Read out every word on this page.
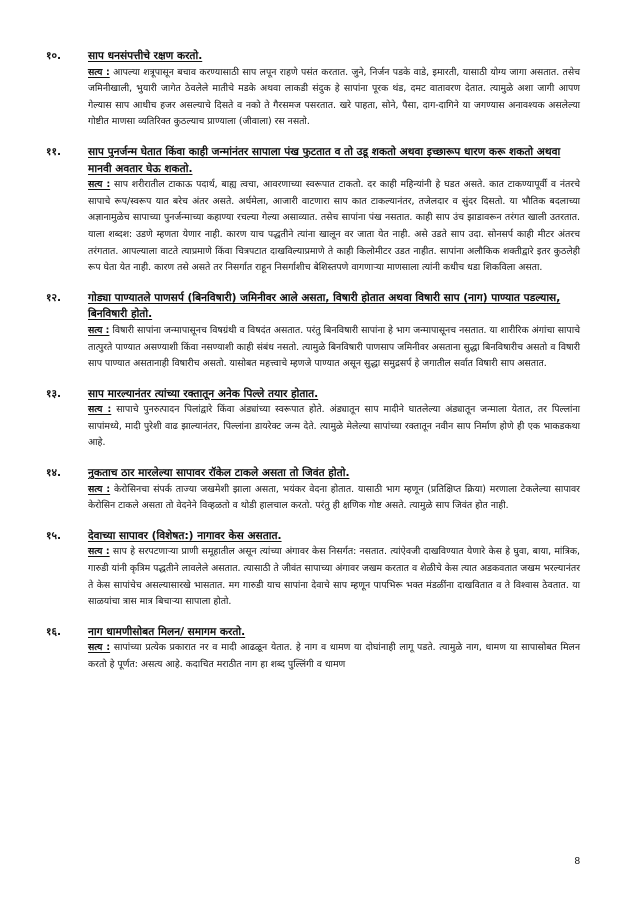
१०.	साप धनसंपत्तीचे रक्षण करतो.
सत्य : आपल्या शत्रूपासून बचाव करण्यासाठी साप लपून राहणे पसंत करतात. जुने, निर्जन पडके वाडे, इमारती, यासाठी योग्य जागा असतात. तसेच जमिनीखाली, भुयारी जागेत ठेवलेले मातीचे मडके अथवा लाकडी संदुक हे सापांना पूरक थंड, दमट वातावरण देतात. त्यामुळे अशा जागी आपण गेल्यास साप आधीच हजर असल्याचे दिसते व नको ते गैरसमज पसरतात. खरे पाहता, सोने, पैसा, दाग-दागिने या जगण्यास अनावश्यक असलेल्या गोष्टीत माणसा व्यतिरिक्त कुठल्याच प्राण्याला (जीवाला) रस नसतो.
११.	साप पुनर्जन्म घेतात किंवा काही जन्मांनंतर सापाला पंख फुटतात व तो उडू शकतो अथवा इच्छारूप धारण करू शकतो अथवा मानवी अवतार घेऊ शकतो.
सत्य : साप शरीरातील टाकाऊ पदार्थ, बाह्य त्वचा, आवरणाच्या स्वरूपात टाकतो. दर काही महिन्यांनी हे घडत असते. कात टाकण्यापूर्वी व नंतरचे सापाचे रूप/स्वरूप यात बरेच अंतर असते. अर्धमेला, आजारी वाटणारा साप कात टाकल्यानंतर, तजेलदार व सुंदर दिसतो. या भौतिक बदलाच्या अज्ञानामुळेच सापाच्या पुनर्जन्माच्या कहाण्या रचल्या गेल्या असाव्यात. तसेच सापांना पंख नसतात. काही साप उंच झाडावरून तरंगत खाली उतरतात. याला शब्दश: उडणे म्हणता येणार नाही. कारण याच पद्धतीने त्यांना खालून वर जाता येत नाही. असे उडते साप उदा. सोनसर्प काही मीटर अंतरच तरंगतात. आपल्याला वाटते त्याप्रमाणे किंवा चित्रपटात दाखविल्याप्रमाणे ते काही किलोमीटर उडत नाहीत. सापांना अलौकिक शक्तीद्वारे इतर कुठलेही रूप घेता येत नाही. कारण तसे असते तर निसर्गात राहून निसर्गाशीच बेशिस्तपणे वागणाऱ्या माणसाला त्यांनी कधीच धडा शिकविला असता.
१२.	गोड्या पाण्यातले पाणसर्प (बिनविषारी) जमिनीवर आले असता, विषारी होतात अथवा विषारी साप (नाग) पाण्यात पडल्यास, बिनविषारी होतो.
सत्य : विषारी सापांना जन्मापासूनच विषग्रंथी व विषदंत असतात. परंतु बिनविषारी सापांना हे भाग जन्मापासूनच नसतात. या शारीरिक अंगांचा सापाचे तात्पुरते पाण्यात असण्याशी किंवा नसण्याशी काही संबंध नसतो. त्यामुळे बिनविषारी पाणसाप जमिनीवर असताना सुद्धा बिनविषारीच असतो व विषारी साप पाण्यात असतानाही विषारीच असतो. यासोबत महत्त्वाचे म्हणजे पाण्यात असून सुद्धा समुद्रसर्प हे जगातील सर्वात विषारी साप असतात.
१३.	साप मारल्यानंतर त्यांच्या रक्तातून अनेक पिल्ले तयार होतात.
सत्य : सापाचे पुनरुत्पादन पिलांद्वारे किंवा अंड्यांच्या स्वरूपात होते. अंड्यातून साप मादीने घातलेल्या अंड्यातून जन्माला येतात, तर पिल्लांना सापांमध्ये, मादी पुरेशी वाढ झाल्यानंतर, पिल्लांना डायरेक्ट जन्म देते. त्यामुळे मेलेल्या सापांच्या रक्तातून नवीन साप निर्माण होणे ही एक भाकडकथा आहे.
१४.	नुकताच ठार मारलेल्या सापावर रॉकेल टाकले असता तो जिवंत होतो.
सत्य : केरोसिनचा संपर्क ताज्या जखमेशी झाला असता, भयंकर वेदना होतात. यासाठी भाग म्हणून (प्रतिक्षिप्त क्रिया) मरणाला टेकलेल्या सापावर केरोसिन टाकले असता तो वेदनेने विव्हळतो व थोडी हालचाल करतो. परंतु ही क्षणिक गोष्ट असते. त्यामुळे साप जिवंत होत नाही.
१५.	देवाच्या सापावर (विशेषत:) नागावर केस असतात.
सत्य : साप हे सरपटणाऱ्या प्राणी समूहातील असून त्यांच्या अंगावर केस निसर्गत: नसतात. त्यांऐवजी दाखविण्यात येणारे केस हे घुवा, बाया, मांत्रिक, गारुडी यांनी कृत्रिम पद्धतीने लावलेले असतात. त्यासाठी ते जीवंत सापाच्या अंगावर जखम करतात व शेळीचे केस त्यात अडकवतात जखम भरल्यानंतर ते केस सापांचेच असल्यासारखे भासतात. मग गारुडी याच सापांना देवाचे साप म्हणून पापभिरू भक्त मंडळींना दाखवितात व ते विश्वास ठेवतात. या साळयांचा त्रास मात्र बिचाऱ्या सापाला होतो.
१६.	नाग धामणीसोबत मिलन/ समागम करतो.
सत्य : सापांच्या प्रत्येक प्रकारात नर व मादी आढळून येतात. हे नाग व धामण या दोघांनाही लागू पडते. त्यामुळे नाग, धामण या सापासोबत मिलन करतो हे पूर्णत: असत्य आहे. कदाचित मराठीत नाग हा शब्द पुल्लिंगी व धामण
8
